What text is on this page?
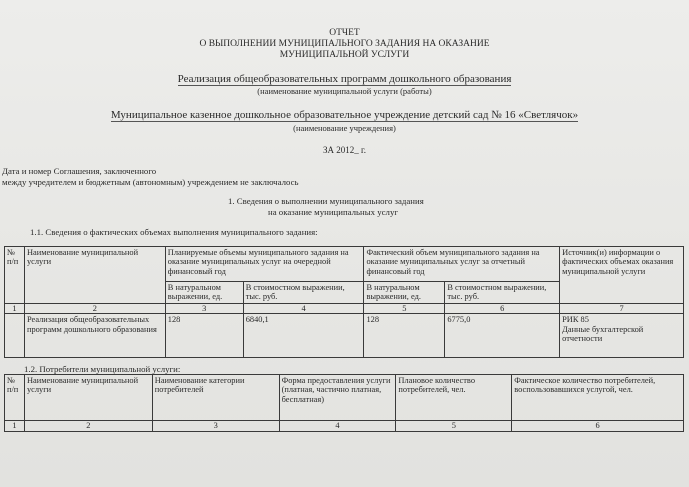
ОТЧЕТ
О ВЫПОЛНЕНИИ МУНИЦИПАЛЬНОГО ЗАДАНИЯ НА ОКАЗАНИЕ
МУНИЦИПАЛЬНОЙ УСЛУГИ
Реализация общеобразовательных программ дошкольного образования
(наименование муниципальной услуги (работы)
Муниципальное казенное дошкольное образовательное учреждение детский сад № 16 «Светлячок»
(наименование учреждения)
ЗА 2012_ г.
Дата и номер Соглашения, заключенного
между учредителем и бюджетным (автономным) учреждением не заключалось
1. Сведения о выполнении муниципального задания
на оказание муниципальных услуг
1.1. Сведения о фактических объемах выполнения муниципального задания:
№ п/п	Наименование муниципальной услуги	Планируемые объемы муниципального задания на оказание муниципальных услуг на очередной финансовый год		Фактический объем муниципального задания на оказание муниципальных услуг за отчетный финансовый год		Источник(и) информации о фактических объемах оказания муниципальной услуги
		В натуральном выражении, ед.	В стоимостном выражении, тыс. руб.	В натуральном выражении, ед.	В стоимостном выражении, тыс. руб.	
1	2	3	4	5	6	7
	Реализация общеобразовательных программ дошкольного образования	128	6840,1	128	6775,0	РИК 85
Данные бухгалтерской отчетности
1.2. Потребители муниципальной услуги:
№ п/п	Наименование муниципальной услуги	Наименование категории потребителей	Форма предоставления услуги (платная, частично платная, бесплатная)	Плановое количество потребителей, чел.	Фактическое количество потребителей, воспользовавшихся услугой, чел.
1	2	3	4	5	6
